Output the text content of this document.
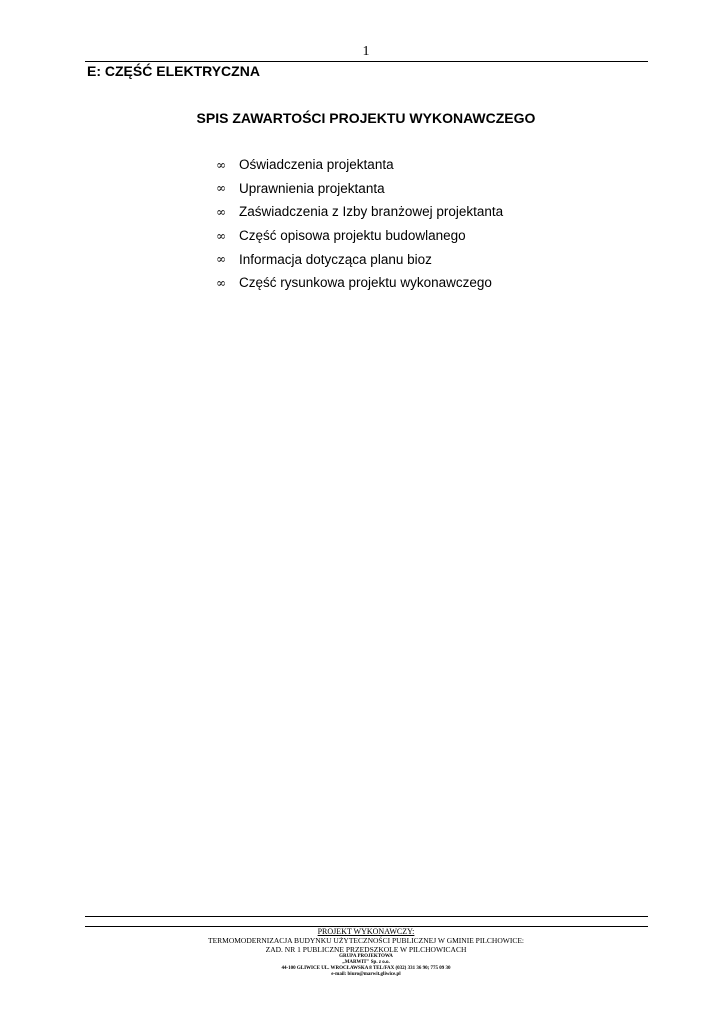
1
E: CZĘŚĆ ELEKTRYCZNA
SPIS ZAWARTOŚCI PROJEKTU WYKONAWCZEGO
∞ Oświadczenia projektanta
∞ Uprawnienia projektanta
∞ Zaświadczenia z Izby branżowej projektanta
∞ Część opisowa projektu budowlanego
∞ Informacja dotycząca planu bioz
∞ Część rysunkowa projektu wykonawczego
PROJEKT WYKONAWCZY:
TERMOMODERNIZACJA BUDYNKU UŻYTECZNOŚCI PUBLICZNEJ W GMINIE PILCHOWICE:
ZAD. NR 1 PUBLICZNE PRZEDSZKOLE W PILCHOWICACH
GRUPA PROJEKTOWA
„MARWIT" Sp. z o.o.
44-100 GLIWICE UL. WROCŁAWSKA 8 TEL/FAX (032) 331 36 90; 775 09 30
e-mail: biuro@marwit.gliwice.pl
